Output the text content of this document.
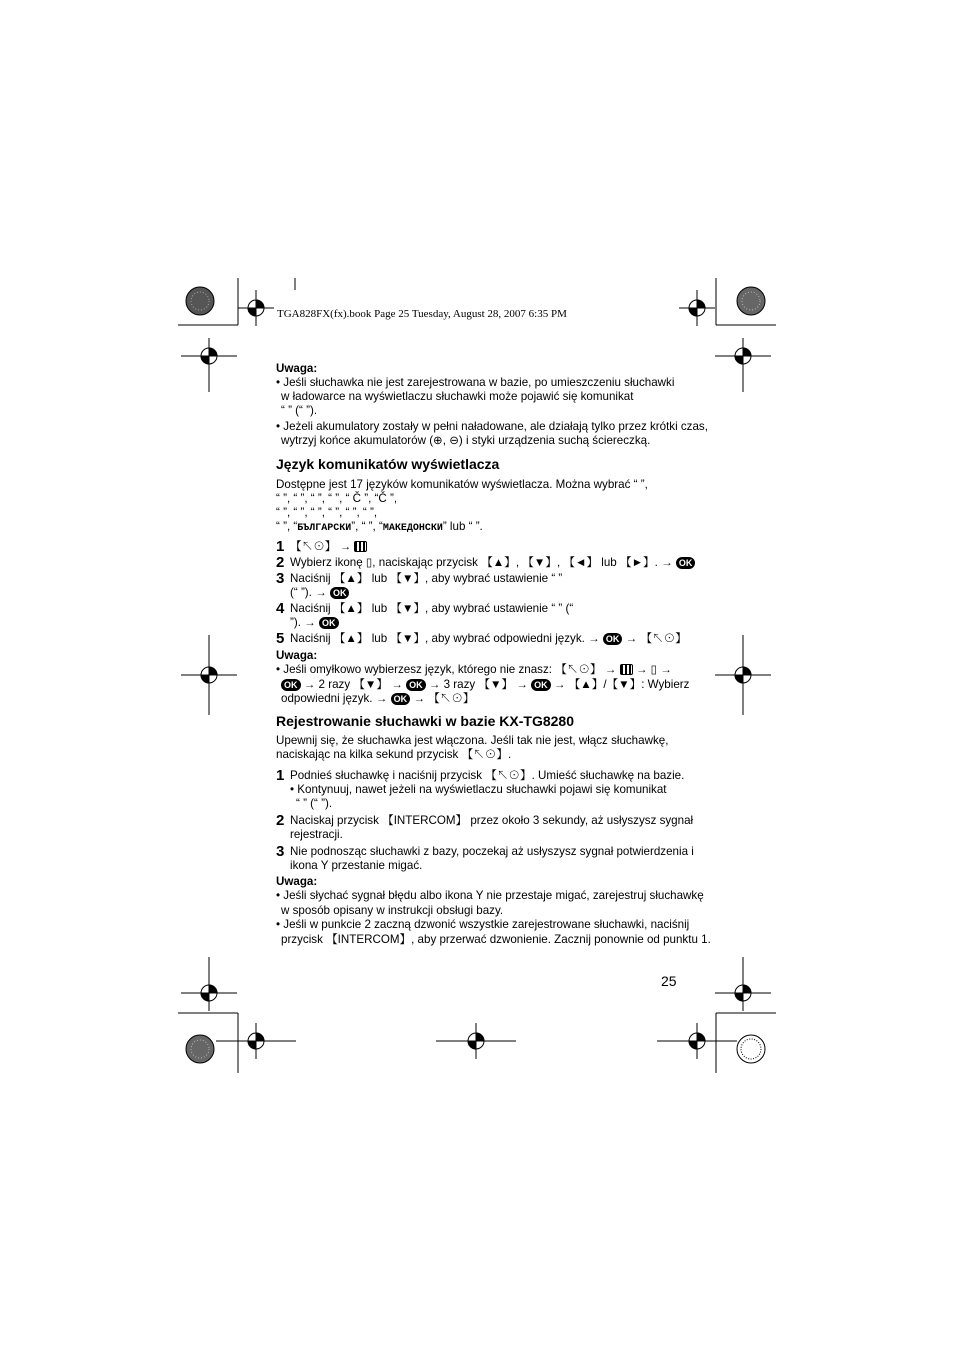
TGA828FX(fx).book Page 25 Tuesday, August 28, 2007 6:35 PM
Uwaga:
• Jeśli słuchawka nie jest zarejestrowana w bazie, po umieszczeniu słuchawki
w ładowarce na wyświetlaczu słuchawki może pojawić się komunikat
“ ” (“ ”).
• Jeżeli akumulatory zostały w pełni naładowane, ale działają tylko przez krótki czas,
wytrzyj końce akumulatorów (⊕, ⊖) i styki urządzenia suchą ściereczką.
Język komunikatów wyświetlacza
Dostępne jest 17 języków komunikatów wyświetlacza. Można wybrać “ ”,
“ ”, “ ”, “ ”, “ ”, “ Č ”, “Č ”,
“ ”, “ ”, “ ”, “ ”, “ ”, “ ”,
“ ”, “БЪЛГАРСКИ”, “ ”, “МАКЕДОНСКИ” lub “ ”.
1 【↖⊙】 →
2 Wybierz ikonę ▯, naciskając przycisk 【▲】, 【▼】, 【◄】 lub 【►】. → OK
3 Naciśnij 【▲】 lub 【▼】, aby wybrać ustawienie “ ”
(“ ”). → OK
4 Naciśnij 【▲】 lub 【▼】, aby wybrać ustawienie “ ” (“
”). → OK
5 Naciśnij 【▲】 lub 【▼】, aby wybrać odpowiedni język. → OK → 【↖⊙】
Uwaga:
• Jeśli omyłkowo wybierzesz język, którego nie znasz: 【↖⊙】 → → ▯ →
OK → 2 razy 【▼】 → OK → 3 razy 【▼】 → OK → 【▲】/【▼】: Wybierz
odpowiedni język. → OK → 【↖⊙】
Rejestrowanie słuchawki w bazie KX-TG8280
Upewnij się, że słuchawka jest włączona. Jeśli tak nie jest, włącz słuchawkę,
naciskając na kilka sekund przycisk 【↖⊙】.
1 Podnieś słuchawkę i naciśnij przycisk 【↖⊙】. Umieść słuchawkę na bazie.
• Kontynuuj, nawet jeżeli na wyświetlaczu słuchawki pojawi się komunikat
“ ” (“ ”).
2 Naciskaj przycisk 【INTERCOM】 przez około 3 sekundy, aż usłyszysz sygnał
rejestracji.
3 Nie podnosząc słuchawki z bazy, poczekaj aż usłyszysz sygnał potwierdzenia i
ikona Y przestanie migać.
Uwaga:
• Jeśli słychać sygnał błędu albo ikona Y nie przestaje migać, zarejestruj słuchawkę
w sposób opisany w instrukcji obsługi bazy.
• Jeśli w punkcie 2 zaczną dzwonić wszystkie zarejestrowane słuchawki, naciśnij
przycisk 【INTERCOM】, aby przerwać dzwonienie. Zacznij ponownie od punktu 1.
25
